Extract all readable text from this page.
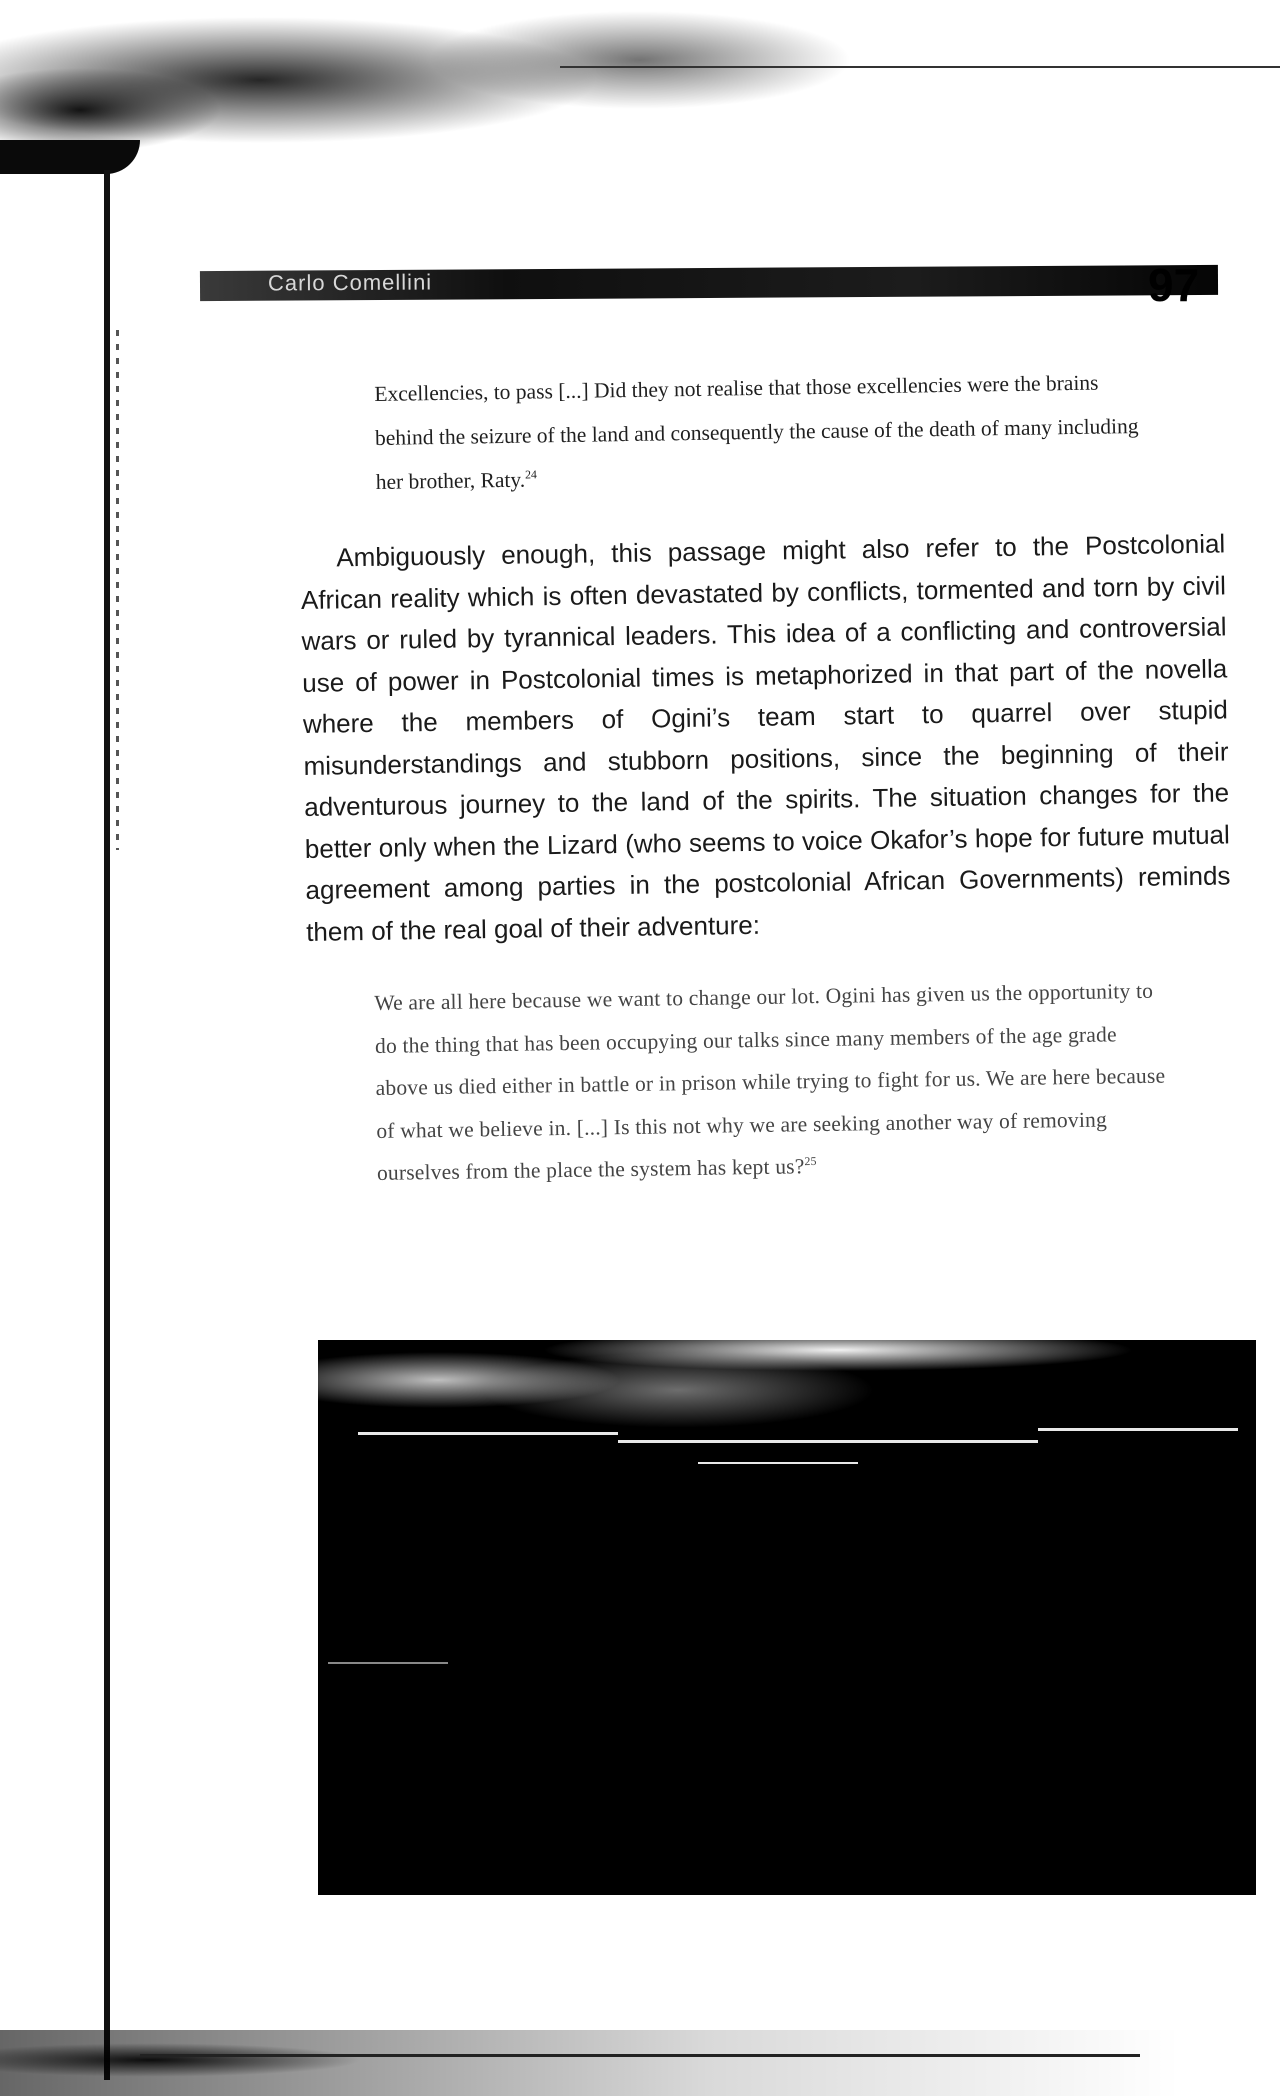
Carlo Comellini	97
Excellencies, to pass [...] Did they not realise that those excellencies were the brains behind the seizure of the land and consequently the cause of the death of many including her brother, Raty.$^{24}$
Ambiguously enough, this passage might also refer to the Postcolonial African reality which is often devastated by conflicts, tormented and torn by civil wars or ruled by tyrannical leaders. This idea of a conflicting and controversial use of power in Postcolonial times is metaphorized in that part of the novella where the members of Ogini’s team start to quarrel over stupid misunderstandings and stubborn positions, since the beginning of their adventurous journey to the land of the spirits. The situation changes for the better only when the Lizard (who seems to voice Okafor’s hope for future mutual agreement among parties in the postcolonial African Governments) reminds them of the real goal of their adventure:
We are all here because we want to change our lot. Ogini has given us the opportunity to do the thing that has been occupying our talks since many members of the age grade above us died either in battle or in prison while trying to fight for us. We are here because of what we believe in. [...] Is this not why we are seeking another way of removing ourselves from the place the system has kept us?$^{25}$
